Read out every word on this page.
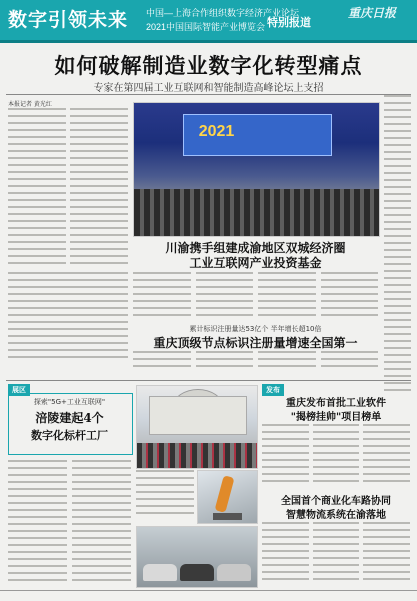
数字引领未来 中国—上海合作组织数字经济产业论坛
2021中国国际智能产业博览会 特别报道
重庆日报
如何破解制造业数字化转型痛点
专家在第四届工业互联网和智能制造高峰论坛上支招
本报记者 黄光红
2021
川渝携手组建成渝地区双城经济圈
工业互联网产业投资基金
累计标识注册量达53亿个 半年增长超10倍
重庆顶级节点标识注册量增速全国第一
展区
探索"5G+工业互联网"
涪陵建起4个
数字化标杆工厂
发布
重庆发布首批工业软件
"揭榜挂帅"项目榜单
全国首个商业化车路协同
智慧物流系统在渝落地
